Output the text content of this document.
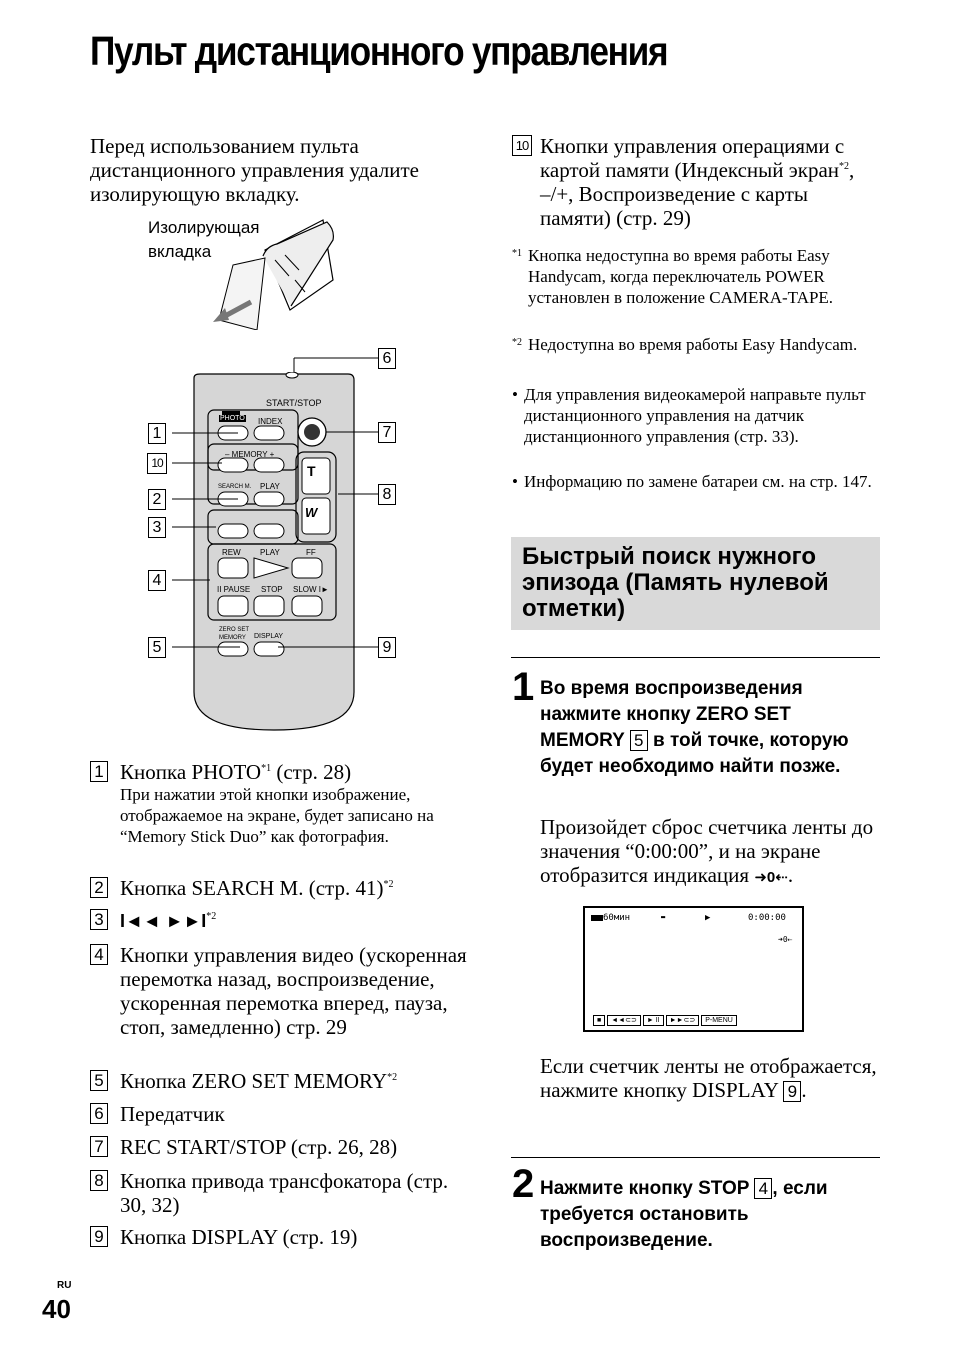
Пульт дистанционного управления
Перед использованием пульта дистанционного управления удалите изолирующую вкладку.
Изолирующая
вкладка
START/STOP
PHOTO INDEX
– MEMORY +
SEARCH M. PLAY
REW PLAY	FF
II PAUSE STOP SLOW I►
ZERO SET
MEMORY	DISPLAY
T
W
1
10
2
3
4
5
6
7
8
9
1 Кнопка PHOTO$^{*1}$ (стр. 28)
При нажатии этой кнопки изображение, отображаемое на экране, будет записано на “Memory Stick Duo” как фотография.
2 Кнопка SEARCH M. (стр. 41)$^{*2}$
3 I◄◄ ►►I$^{*2}$
4 Кнопки управления видео (ускоренная перемотка назад, воспроизведение, ускоренная перемотка вперед, пауза, стоп, замедленно) стр. 29
5 Кнопка ZERO SET MEMORY$^{*2}$
6 Передатчик
7 REC START/STOP (стр. 26, 28)
8 Кнопка привода трансфокатора (стр. 30, 32)
9 Кнопка DISPLAY (стр. 19)
10 Кнопки управления операциями с картой памяти (Индексный экран$^{*2}$, –/+, Воспроизведение с карты памяти) (стр. 29)
*1 Кнопка недоступна во время работы Easy Handycam, когда переключатель POWER установлен в положение CAMERA-TAPE.
*2 Недоступна во время работы Easy Handycam.
• Для управления видеокамерой направьте пульт дистанционного управления на датчик дистанционного управления (стр. 33).
• Информацию по замене батареи см. на стр. 147.
Быстрый поиск нужного эпизода (Память нулевой отметки)
1 Во время воспроизведения нажмите кнопку ZERO SET MEMORY 5 в той точке, которую будет необходимо найти позже.
Произойдет сброс счетчика ленты до значения “0:00:00”, и на экране отобразится индикация ➜0⇠.
60мин	▬	▶	0:00:00
➜0⇠
■	◄◄⊂⊃	► II	►►⊂⊃	P-MENU
Если счетчик ленты не отображается, нажмите кнопку DISPLAY 9 .
2 Нажмите кнопку STOP 4 , если требуется остановить воспроизведение.
RU
40
